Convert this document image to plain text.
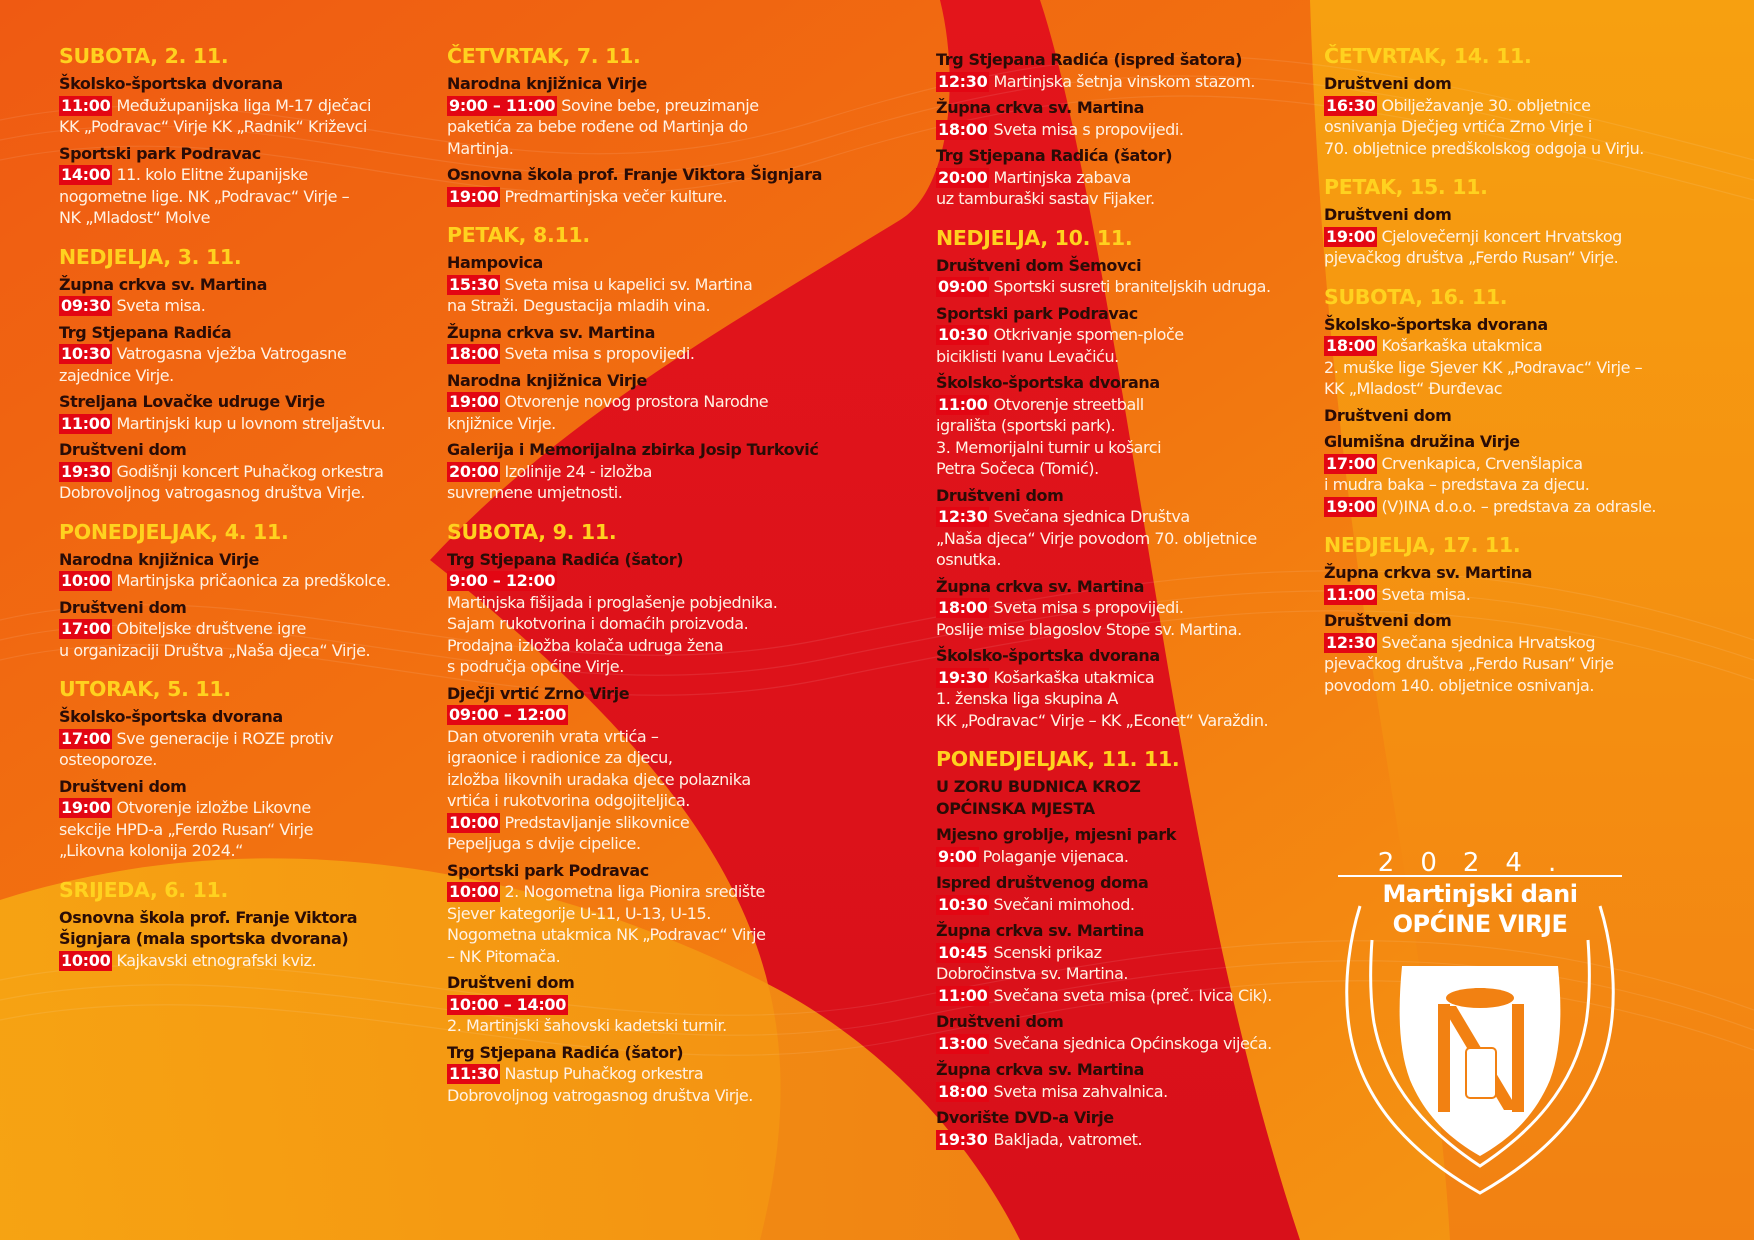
SUBOTA, 2. 11.
Školsko-športska dvorana
11:00 Međužupanijska liga M-17 dječaci
KK „Podravac“ Virje KK „Radnik“ Križevci
Sportski park Podravac
14:00 11. kolo Elitne županijske
nogometne lige. NK „Podravac“ Virje –
NK „Mladost“ Molve
NEDJELJA, 3. 11.
Župna crkva sv. Martina
09:30 Sveta misa.
Trg Stjepana Radića
10:30 Vatrogasna vježba Vatrogasne
zajednice Virje.
Streljana Lovačke udruge Virje
11:00 Martinjski kup u lovnom streljaštvu.
Društveni dom
19:30 Godišnji koncert Puhačkog orkestra
Dobrovoljnog vatrogasnog društva Virje.
PONEDJELJAK, 4. 11.
Narodna knjižnica Virje
10:00 Martinjska pričaonica za predškolce.
Društveni dom
17:00 Obiteljske društvene igre
u organizaciji Društva „Naša djeca“ Virje.
UTORAK, 5. 11.
Školsko-športska dvorana
17:00 Sve generacije i ROZE protiv
osteoporoze.
Društveni dom
19:00 Otvorenje izložbe Likovne
sekcije HPD-a „Ferdo Rusan“ Virje
„Likovna kolonija 2024.“
SRIJEDA, 6. 11.
Osnovna škola prof. Franje Viktora
Šignjara (mala sportska dvorana)
10:00 Kajkavski etnografski kviz.
ČETVRTAK, 7. 11.
Narodna knjižnica Virje
9:00 – 11:00 Sovine bebe, preuzimanje
paketića za bebe rođene od Martinja do
Martinja.
Osnovna škola prof. Franje Viktora Šignjara
19:00 Predmartinjska večer kulture.
PETAK, 8.11.
Hampovica
15:30 Sveta misa u kapelici sv. Martina
na Straži. Degustacija mladih vina.
Župna crkva sv. Martina
18:00 Sveta misa s propovijedi.
Narodna knjižnica Virje
19:00 Otvorenje novog prostora Narodne
knjižnice Virje.
Galerija i Memorijalna zbirka Josip Turković
20:00 Izolinije 24 - izložba
suvremene umjetnosti.
SUBOTA, 9. 11.
Trg Stjepana Radića (šator)
9:00 – 12:00
Martinjska fišijada i proglašenje pobjednika.
Sajam rukotvorina i domaćih proizvoda.
Prodajna izložba kolača udruga žena
s područja općine Virje.
Dječji vrtić Zrno Virje
09:00 – 12:00
Dan otvorenih vrata vrtića –
igraonice i radionice za djecu,
izložba likovnih uradaka djece polaznika
vrtića i rukotvorina odgojiteljica.
10:00 Predstavljanje slikovnice
Pepeljuga s dvije cipelice.
Sportski park Podravac
10:00 2. Nogometna liga Pionira središte
Sjever kategorije U-11, U-13, U-15.
Nogometna utakmica NK „Podravac“ Virje
– NK Pitomača.
Društveni dom
10:00 – 14:00
2. Martinjski šahovski kadetski turnir.
Trg Stjepana Radića (šator)
11:30 Nastup Puhačkog orkestra
Dobrovoljnog vatrogasnog društva Virje.
Trg Stjepana Radića (ispred šatora)
12:30 Martinjska šetnja vinskom stazom.
Župna crkva sv. Martina
18:00 Sveta misa s propovijedi.
Trg Stjepana Radića (šator)
20:00 Martinjska zabava
uz tamburaški sastav Fijaker.
NEDJELJA, 10. 11.
Društveni dom Šemovci
09:00 Sportski susreti braniteljskih udruga.
Sportski park Podravac
10:30 Otkrivanje spomen-ploče
biciklisti Ivanu Levačiću.
Školsko-športska dvorana
11:00 Otvorenje streetball
igrališta (sportski park).
3. Memorijalni turnir u košarci
Petra Sočeca (Tomić).
Društveni dom
12:30 Svečana sjednica Društva
„Naša djeca“ Virje povodom 70. obljetnice
osnutka.
Župna crkva sv. Martina
18:00 Sveta misa s propovijedi.
Poslije mise blagoslov Stope sv. Martina.
Školsko-športska dvorana
19:30 Košarkaška utakmica
1. ženska liga skupina A
KK „Podravac“ Virje – KK „Econet“ Varaždin.
PONEDJELJAK, 11. 11.
U ZORU BUDNICA KROZ
OPĆINSKA MJESTA
Mjesno groblje, mjesni park
9:00 Polaganje vijenaca.
Ispred društvenog doma
10:30 Svečani mimohod.
Župna crkva sv. Martina
10:45 Scenski prikaz
Dobročinstva sv. Martina.
11:00 Svečana sveta misa (preč. Ivica Cik).
Društveni dom
13:00 Svečana sjednica Općinskoga vijeća.
Župna crkva sv. Martina
18:00 Sveta misa zahvalnica.
Dvorište DVD-a Virje
19:30 Baklјada, vatromet.
ČETVRTAK, 14. 11.
Društveni dom
16:30 Obilježavanje 30. obljetnice
osnivanja Dječjeg vrtića Zrno Virje i
70. obljetnice predškolskog odgoja u Virju.
PETAK, 15. 11.
Društveni dom
19:00 Cjelovečernji koncert Hrvatskog
pjevačkog društva „Ferdo Rusan“ Virje.
SUBOTA, 16. 11.
Školsko-športska dvorana
18:00 Košarkaška utakmica
2. muške lige Sjever KK „Podravac“ Virje –
KK „Mladost“ Đurđevac
Društveni dom
Glumišna družina Virje
17:00 Crvenkapica, Crvenšlapica
i mudra baka – predstava za djecu.
19:00 (V)INA d.o.o. – predstava za odrasle.
NEDJELJA, 17. 11.
Župna crkva sv. Martina
11:00 Sveta misa.
Društveni dom
12:30 Svečana sjednica Hrvatskog
pjevačkog društva „Ferdo Rusan“ Virje
povodom 140. obljetnice osnivanja.
2024.
Martinjski dani
OPĆINE VIRJE
